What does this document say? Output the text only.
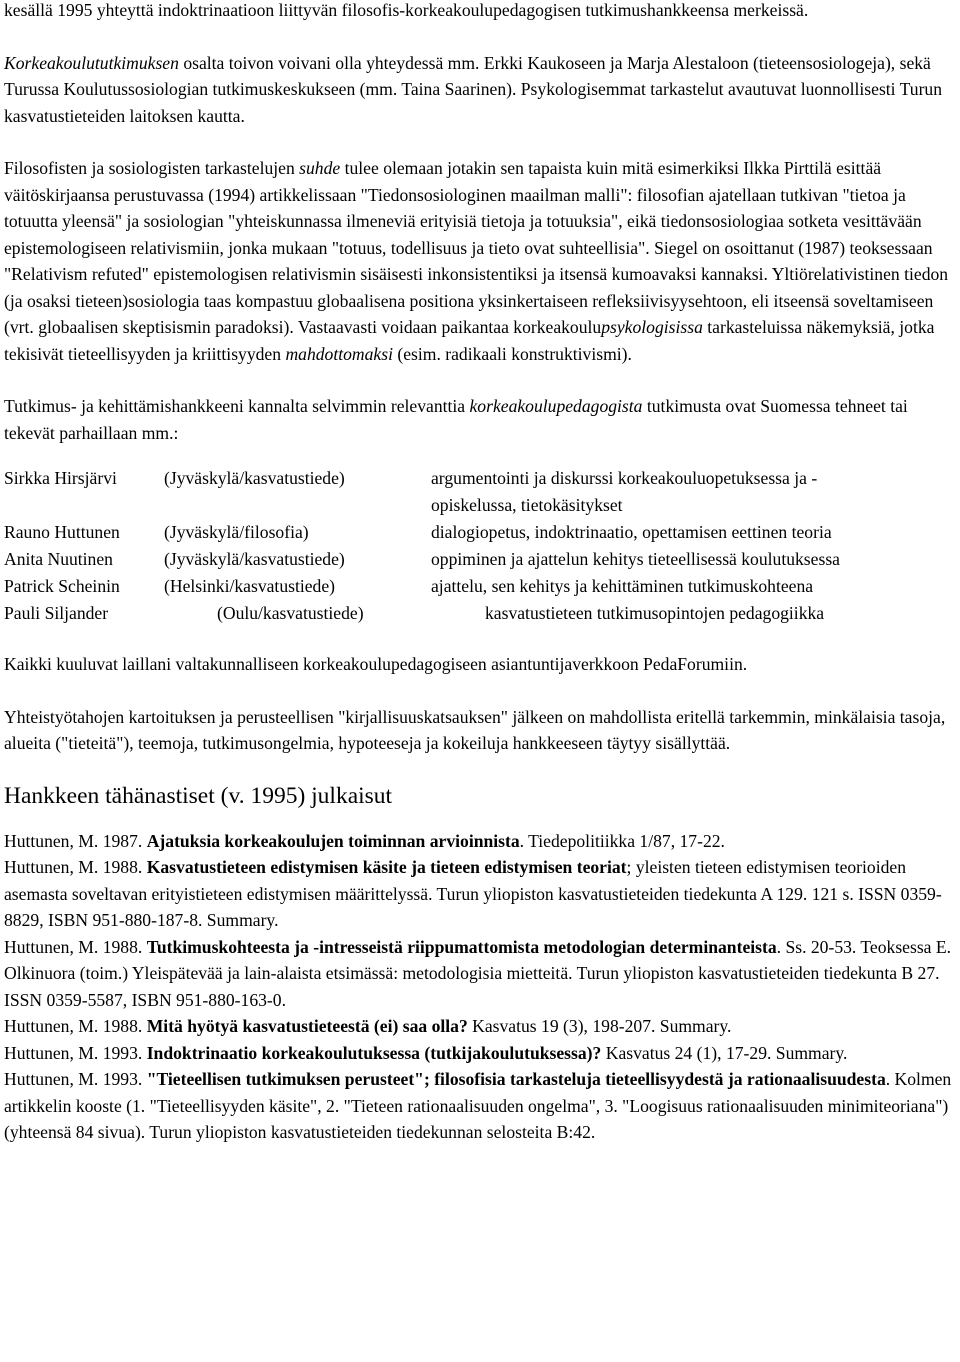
kesällä 1995 yhteyttä indoktrinaatioon liittyvän filosofis-korkeakoulupedagogisen tutkimushankkeensa merkeissä.

Korkeakoulututkimuksen osalta toivon voivani olla yhteydessä mm. Erkki Kaukoseen ja Marja Alestaloon (tieteensosiologeja), sekä Turussa Koulutussosiologian tutkimuskeskukseen (mm. Taina Saarinen). Psykologisemmat tarkastelut avautuvat luonnollisesti Turun kasvatustieteiden laitoksen kautta.

Filosofisten ja sosiologisten tarkastelujen suhde tulee olemaan jotakin sen tapaista kuin mitä esimerkiksi Ilkka Pirttilä esittää väitöskirjaansa perustuvassa (1994) artikkelissaan "Tiedonsosiologinen maailman malli": filosofian ajatellaan tutkivan "tietoa ja totuutta yleensä" ja sosiologian "yhteiskunnassa ilmeneviä erityisiä tietoja ja totuuksia", eikä tiedonsosiologiaa sotketa vesittävään epistemologiseen relativismiin, jonka mukaan "totuus, todellisuus ja tieto ovat suhteellisia". Siegel on osoittanut (1987) teoksessaan "Relativism refuted" epistemologisen relativismin sisäisesti inkonsistentiksi ja itsensä kumoavaksi kannaksi. Yltiörelativistinen tiedon (ja osaksi tieteen)sosiologia taas kompastuu globaalisena positiona yksinkertaiseen refleksiivisyysehtoon, eli itseensä soveltamiseen (vrt. globaalisen skeptisismin paradoksi). Vastaavasti voidaan paikantaa korkeakoulupsykologisissa tarkasteluissa näkemyksiä, jotka tekisivät tieteellisyyden ja kriittisyyden mahdottomaksi (esim. radikaali konstruktivismi).

Tutkimus- ja kehittämishankkeeni kannalta selvimmin relevanttia korkeakoulupedagogista tutkimusta ovat Suomessa tehneet tai tekevät parhaillaan mm.:

Sirkka Hirsjärvi	(Jyväskylä/kasvatustiede)	argumentointi ja diskurssi korkeakouluopetuksessa ja -
opiskelussa, tietokäsitykset
Rauno Huttunen	(Jyväskylä/filosofia)	dialogiopetus, indoktrinaatio, opettamisen eettinen teoria
Anita Nuutinen	(Jyväskylä/kasvatustiede)	oppiminen ja ajattelun kehitys tieteellisessä koulutuksessa
Patrick Scheinin	(Helsinki/kasvatustiede)	ajattelu, sen kehitys ja kehittäminen tutkimuskohteena
Pauli Siljander	(Oulu/kasvatustiede)	kasvatustieteen tutkimusopintojen pedagogiikka

Kaikki kuuluvat laillani valtakunnalliseen korkeakoulupedagogiseen asiantuntijaverkkoon PedaForumiin.

Yhteistyötahojen kartoituksen ja perusteellisen "kirjallisuuskatsauksen" jälkeen on mahdollista eritellä tarkemmin, minkälaisia tasoja, alueita ("tieteitä"), teemoja, tutkimusongelmia, hypoteeseja ja kokeiluja hankkeeseen täytyy sisällyttää.

Hankkeen tähänastiset (v. 1995) julkaisut

Huttunen, M. 1987. Ajatuksia korkeakoulujen toiminnan arvioinnista. Tiedepolitiikka 1/87, 17-22.

Huttunen, M. 1988. Kasvatustieteen edistymisen käsite ja tieteen edistymisen teoriat; yleisten tieteen edistymisen teorioiden asemasta soveltavan erityistieteen edistymisen määrittelyssä. Turun yliopiston kasvatustieteiden tiedekunta A 129. 121 s. ISSN 0359-8829, ISBN 951-880-187-8. Summary.

Huttunen, M. 1988. Tutkimuskohteesta ja -intresseistä riippumattomista metodologian determinanteista. Ss. 20-53. Teoksessa E. Olkinuora (toim.) Yleispätevää ja lain-alaista etsimässä: metodologisia mietteitä. Turun yliopiston kasvatustieteiden tiedekunta B 27. ISSN 0359-5587, ISBN 951-880-163-0.

Huttunen, M. 1988. Mitä hyötyä kasvatustieteestä (ei) saa olla? Kasvatus 19 (3), 198-207. Summary.

Huttunen, M. 1993. Indoktrinaatio korkeakoulutuksessa (tutkijakoulutuksessa)? Kasvatus 24 (1), 17-29. Summary.

Huttunen, M. 1993. "Tieteellisen tutkimuksen perusteet"; filosofisia tarkasteluja tieteellisyydestä ja rationaalisuudesta. Kolmen artikkelin kooste (1. "Tieteellisyyden käsite", 2. "Tieteen rationaalisuuden ongelma", 3. "Loogisuus rationaalisuuden minimiteoriana") (yhteensä 84 sivua). Turun yliopiston kasvatustieteiden tiedekunnan selosteita B:42.
